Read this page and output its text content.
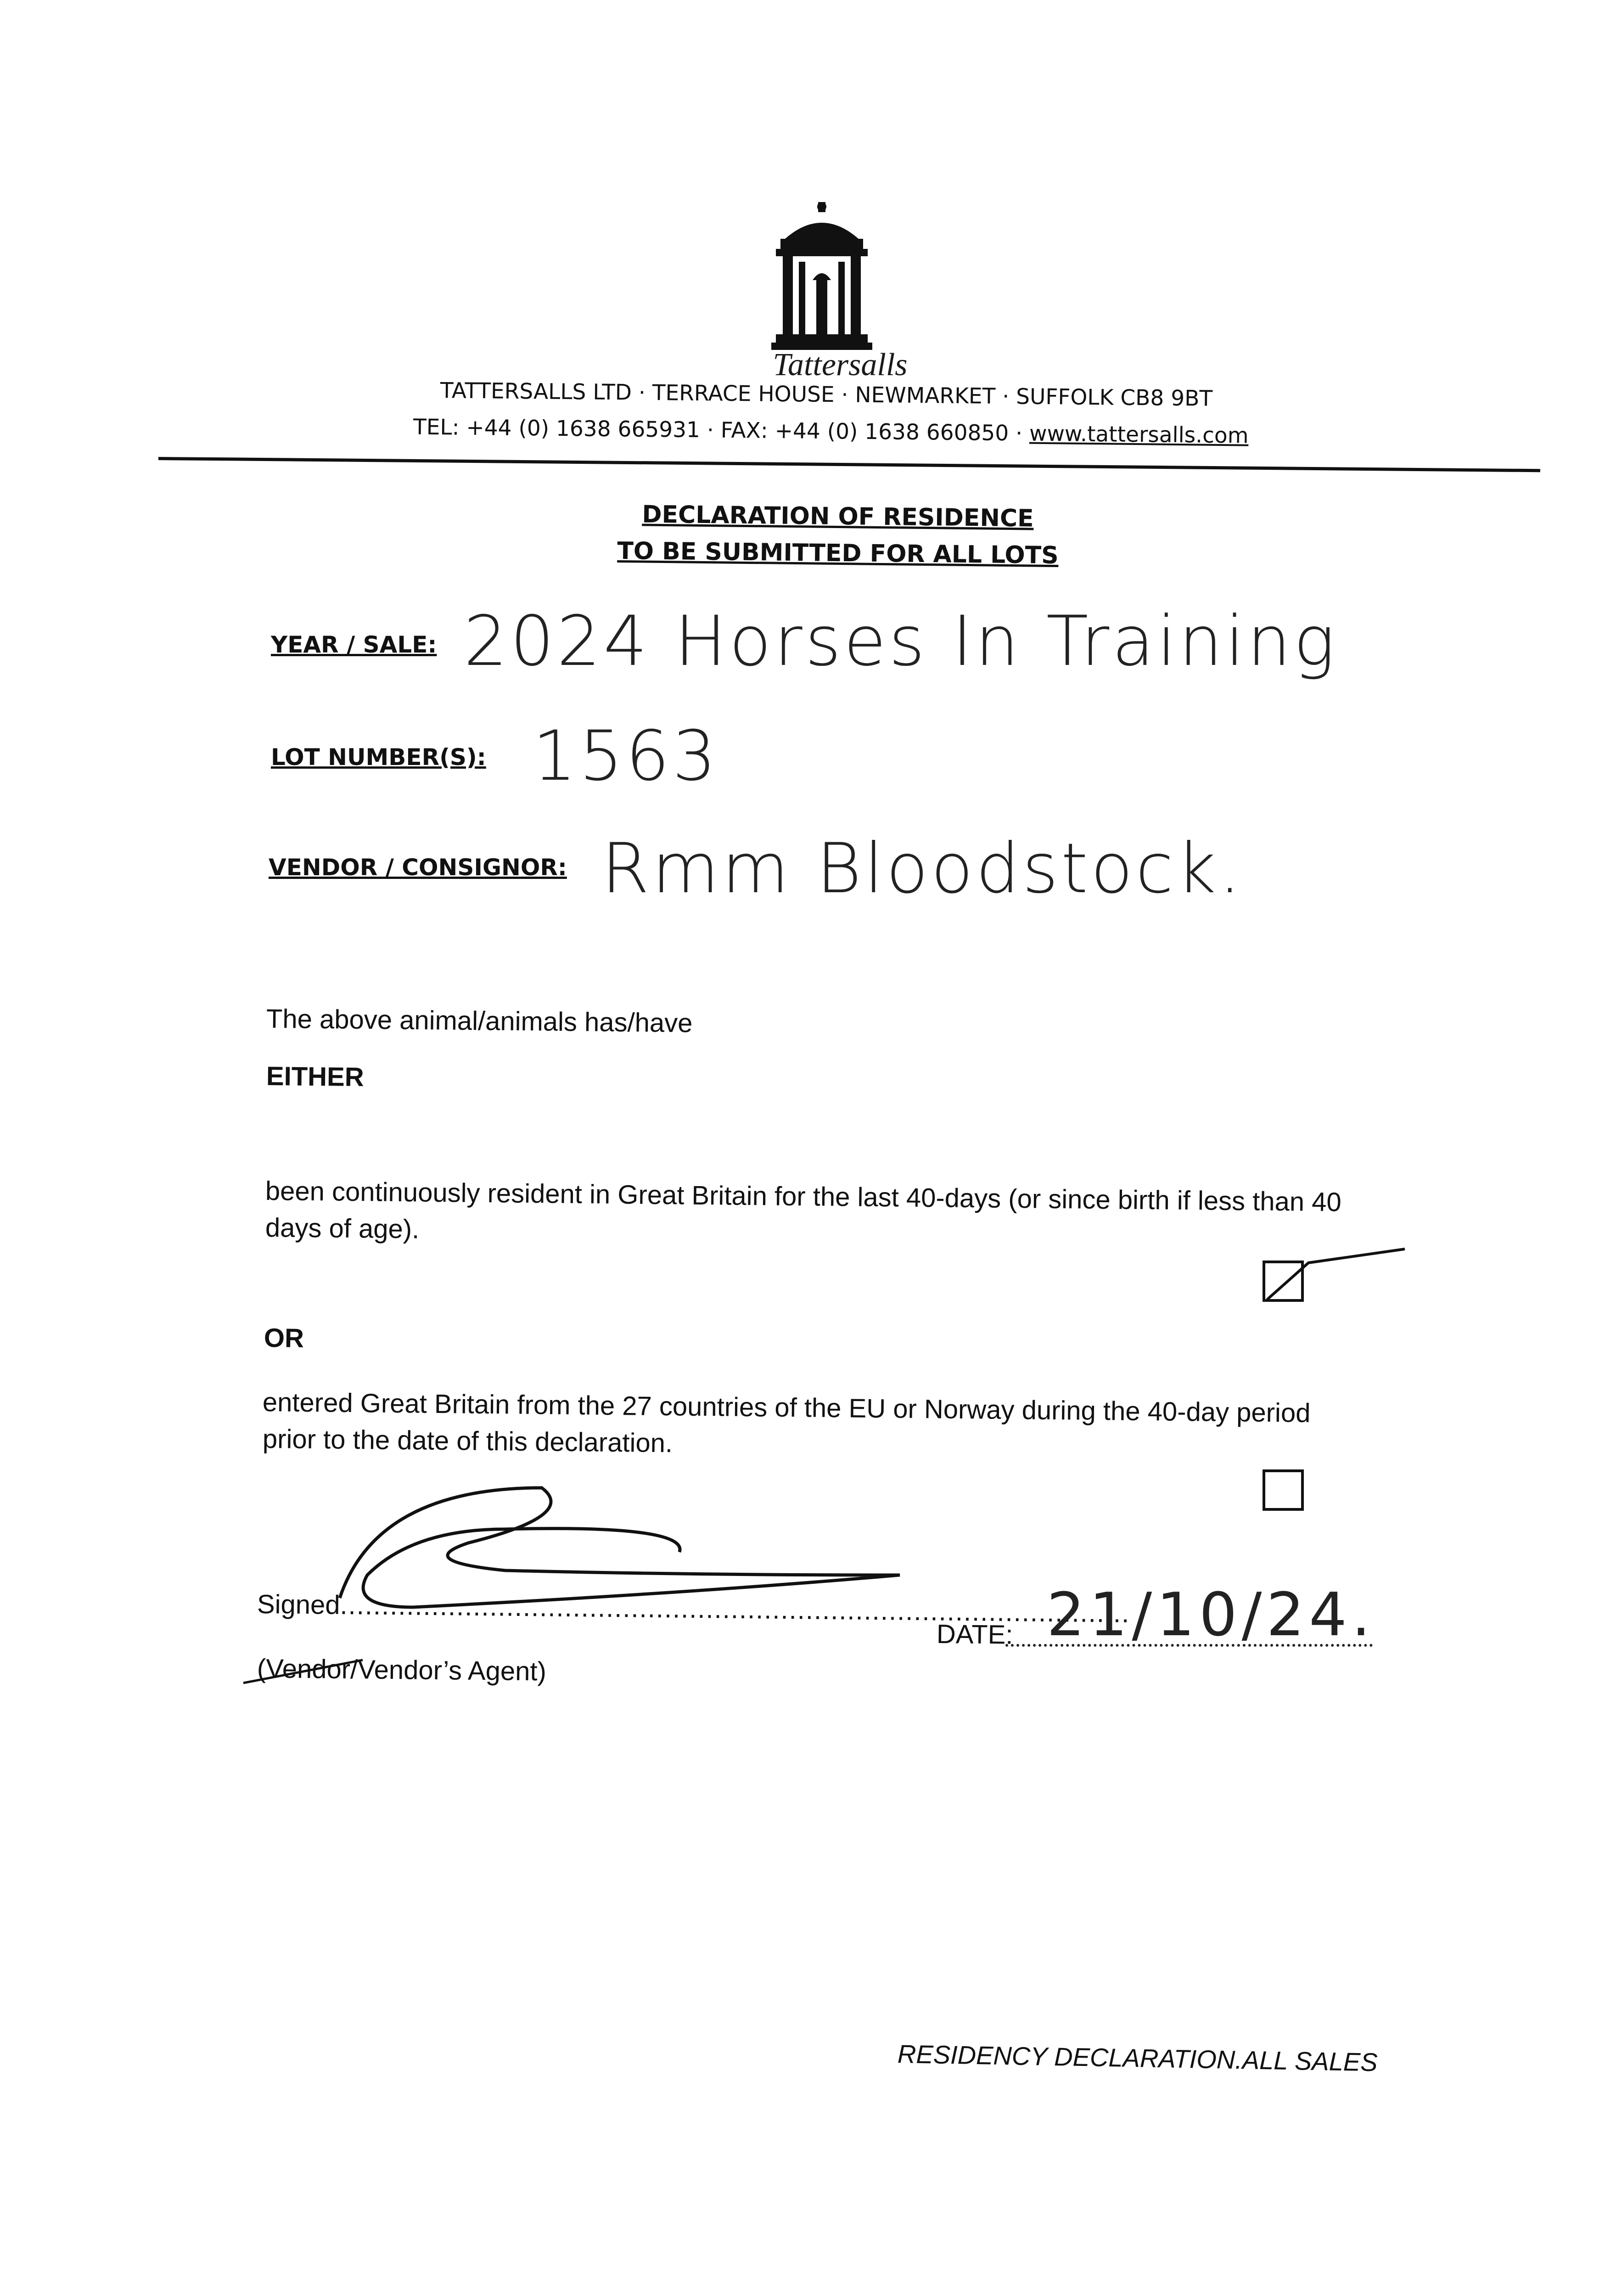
Tattersalls
TATTERSALLS LTD · TERRACE HOUSE · NEWMARKET · SUFFOLK CB8 9BT
TEL: +44 (0) 1638 665931 · FAX: +44 (0) 1638 660850 · www.tattersalls.com
DECLARATION OF RESIDENCE
TO BE SUBMITTED FOR ALL LOTS
YEAR / SALE: 2024 Horses In Training
LOT NUMBER(S): 1563
VENDOR / CONSIGNOR: Rmm Bloodstock.
The above animal/animals has/have
EITHER
been continuously resident in Great Britain for the last 40-days (or since birth if less than 40
days of age).
OR
entered Great Britain from the 27 countries of the EU or Norway during the 40-day period
prior to the date of this declaration.
Signed...............................................................................................
(Vendor/Vendor’s Agent)
DATE: 21/10/24.
RESIDENCY DECLARATION.ALL SALES
